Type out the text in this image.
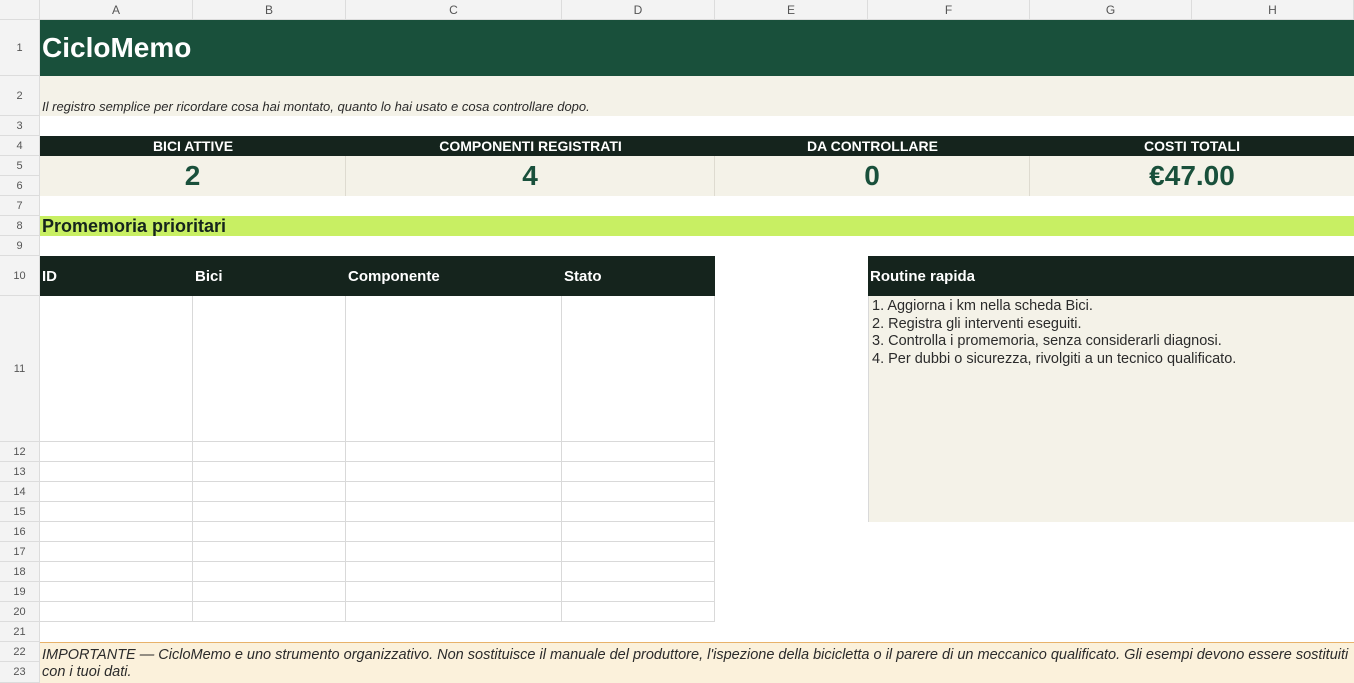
A	B	C	D	E	F	G	H
1
2
3
4
5
6
7
8
9
10
11
12
13
14
15
16
17
18
19
20
21
22
23
CicloMemo
Il registro semplice per ricordare cosa hai montato, quanto lo hai usato e cosa controllare dopo.
BICI ATTIVE	COMPONENTI REGISTRATI	DA CONTROLLARE	COSTI TOTALI
2	4	0	€47.00
Promemoria prioritari
ID	Bici	Componente	Stato	Routine rapida
1. Aggiorna i km nella scheda Bici.
2. Registra gli interventi eseguiti.
3. Controlla i promemoria, senza considerarli diagnosi.
4. Per dubbi o sicurezza, rivolgiti a un tecnico qualificato.
IMPORTANTE — CicloMemo e uno strumento organizzativo. Non sostituisce il manuale del produttore, l'ispezione della bicicletta o il parere di un meccanico qualificato. Gli esempi devono essere sostituiti con i tuoi dati.
